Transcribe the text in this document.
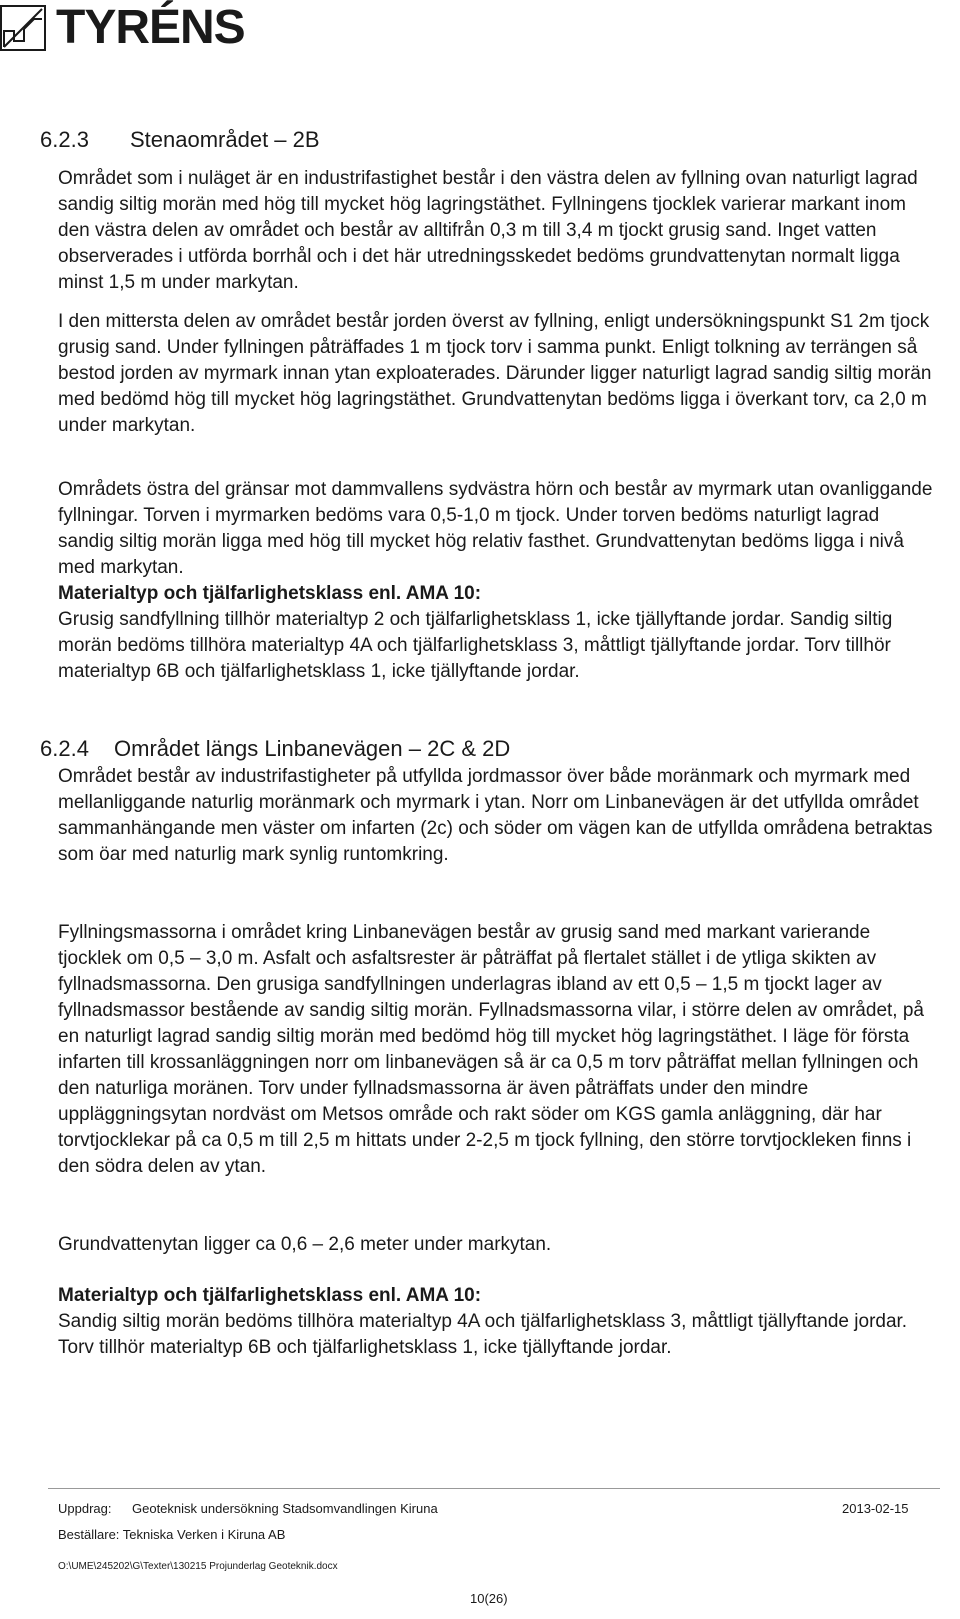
TYRÉNS
6.2.3 Stenaområdet – 2B

Området som i nuläget är en industrifastighet består i den västra delen av fyllning ovan naturligt lagrad sandig siltig morän med hög till mycket hög lagringstäthet. Fyllningens tjocklek varierar markant inom den västra delen av området och består av alltifrån 0,3 m till 3,4 m tjockt grusig sand. Inget vatten observerades i utförda borrhål och i det här utredningsskedet bedöms grundvattenytan normalt ligga minst 1,5 m under markytan.

I den mittersta delen av området består jorden överst av fyllning, enligt undersökningspunkt S1 2m tjock grusig sand. Under fyllningen påträffades 1 m tjock torv i samma punkt. Enligt tolkning av terrängen så bestod jorden av myrmark innan ytan exploaterades. Därunder ligger naturligt lagrad sandig siltig morän med bedömd hög till mycket hög lagringstäthet. Grundvattenytan bedöms ligga i överkant torv, ca 2,0 m under markytan.

Områdets östra del gränsar mot dammvallens sydvästra hörn och består av myrmark utan ovanliggande fyllningar. Torven i myrmarken bedöms vara 0,5-1,0 m tjock. Under torven bedöms naturligt lagrad sandig siltig morän ligga med hög till mycket hög relativ fasthet. Grundvattenytan bedöms ligga i nivå med markytan.

Materialtyp och tjälfarlighetsklass enl. AMA 10:

Grusig sandfyllning tillhör materialtyp 2 och tjälfarlighetsklass 1, icke tjällyftande jordar. Sandig siltig morän bedöms tillhöra materialtyp 4A och tjälfarlighetsklass 3, måttligt tjällyftande jordar. Torv tillhör materialtyp 6B och tjälfarlighetsklass 1, icke tjällyftande jordar.

6.2.4 Området längs Linbanevägen – 2C & 2D

Området består av industrifastigheter på utfyllda jordmassor över både moränmark och myrmark med mellanliggande naturlig moränmark och myrmark i ytan. Norr om Linbanevägen är det utfyllda området sammanhängande men väster om infarten (2c) och söder om vägen kan de utfyllda områdena betraktas som öar med naturlig mark synlig runtomkring.

Fyllningsmassorna i området kring Linbanevägen består av grusig sand med markant varierande tjocklek om 0,5 – 3,0 m. Asfalt och asfaltsrester är påträffat på flertalet stället i de ytliga skikten av fyllnadsmassorna. Den grusiga sandfyllningen underlagras ibland av ett 0,5 – 1,5 m tjockt lager av fyllnadsmassor bestående av sandig siltig morän. Fyllnadsmassorna vilar, i större delen av området, på en naturligt lagrad sandig siltig morän med bedömd hög till mycket hög lagringstäthet. I läge för första infarten till krossanläggningen norr om linbanevägen så är ca 0,5 m torv påträffat mellan fyllningen och den naturliga moränen. Torv under fyllnadsmassorna är även påträffats under den mindre uppläggningsytan nordväst om Metsos område och rakt söder om KGS gamla anläggning, där har torvtjocklekar på ca 0,5 m till 2,5 m hittats under 2-2,5 m tjock fyllning, den större torvtjockleken finns i den södra delen av ytan.

Grundvattenytan ligger ca 0,6 – 2,6 meter under markytan.

Materialtyp och tjälfarlighetsklass enl. AMA 10:

Sandig siltig morän bedöms tillhöra materialtyp 4A och tjälfarlighetsklass 3, måttligt tjällyftande jordar. Torv tillhör materialtyp 6B och tjälfarlighetsklass 1, icke tjällyftande jordar.

Uppdrag: Geoteknisk undersökning Stadsomvandlingen Kiruna	2013-02-15
Beställare: Tekniska Verken i Kiruna AB
O:\UME\245202\G\Texter\130215 Projunderlag Geoteknik.docx
10(26)
